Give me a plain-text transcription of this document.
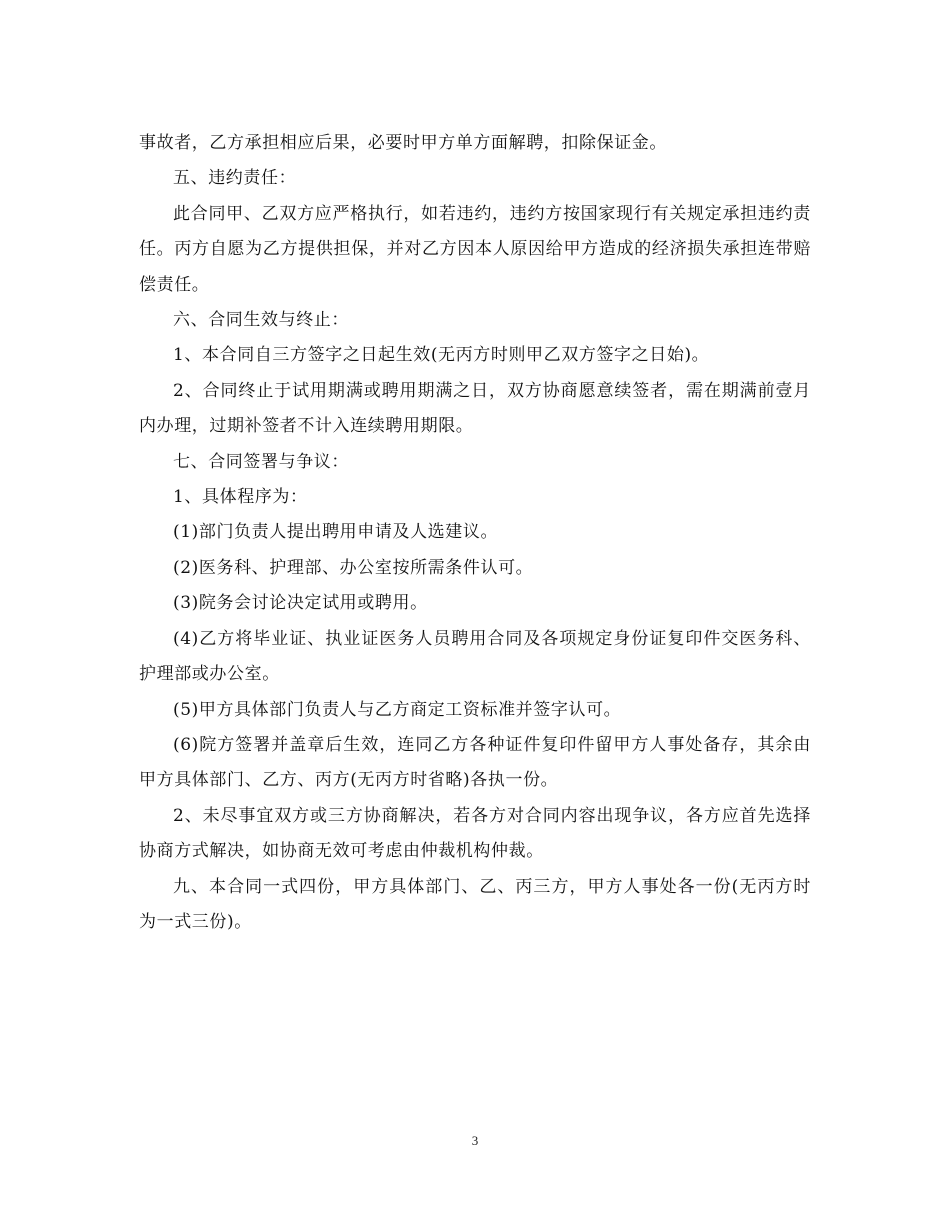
事故者，乙方承担相应后果，必要时甲方单方面解聘，扣除保证金。

五、违约责任：

此合同甲、乙双方应严格执行，如若违约，违约方按国家现行有关规定承担违约责任。丙方自愿为乙方提供担保，并对乙方因本人原因给甲方造成的经济损失承担连带赔偿责任。

六、合同生效与终止：

1、本合同自三方签字之日起生效(无丙方时则甲乙双方签字之日始)。

2、合同终止于试用期满或聘用期满之日，双方协商愿意续签者，需在期满前壹月内办理，过期补签者不计入连续聘用期限。

七、合同签署与争议：

1、具体程序为：

(1)部门负责人提出聘用申请及人选建议。

(2)医务科、护理部、办公室按所需条件认可。

(3)院务会讨论决定试用或聘用。

(4)乙方将毕业证、执业证医务人员聘用合同及各项规定身份证复印件交医务科、护理部或办公室。

(5)甲方具体部门负责人与乙方商定工资标准并签字认可。

(6)院方签署并盖章后生效，连同乙方各种证件复印件留甲方人事处备存，其余由甲方具体部门、乙方、丙方(无丙方时省略)各执一份。

2、未尽事宜双方或三方协商解决，若各方对合同内容出现争议，各方应首先选择协商方式解决，如协商无效可考虑由仲裁机构仲裁。

九、本合同一式四份，甲方具体部门、乙、丙三方，甲方人事处各一份(无丙方时为一式三份)。

3
